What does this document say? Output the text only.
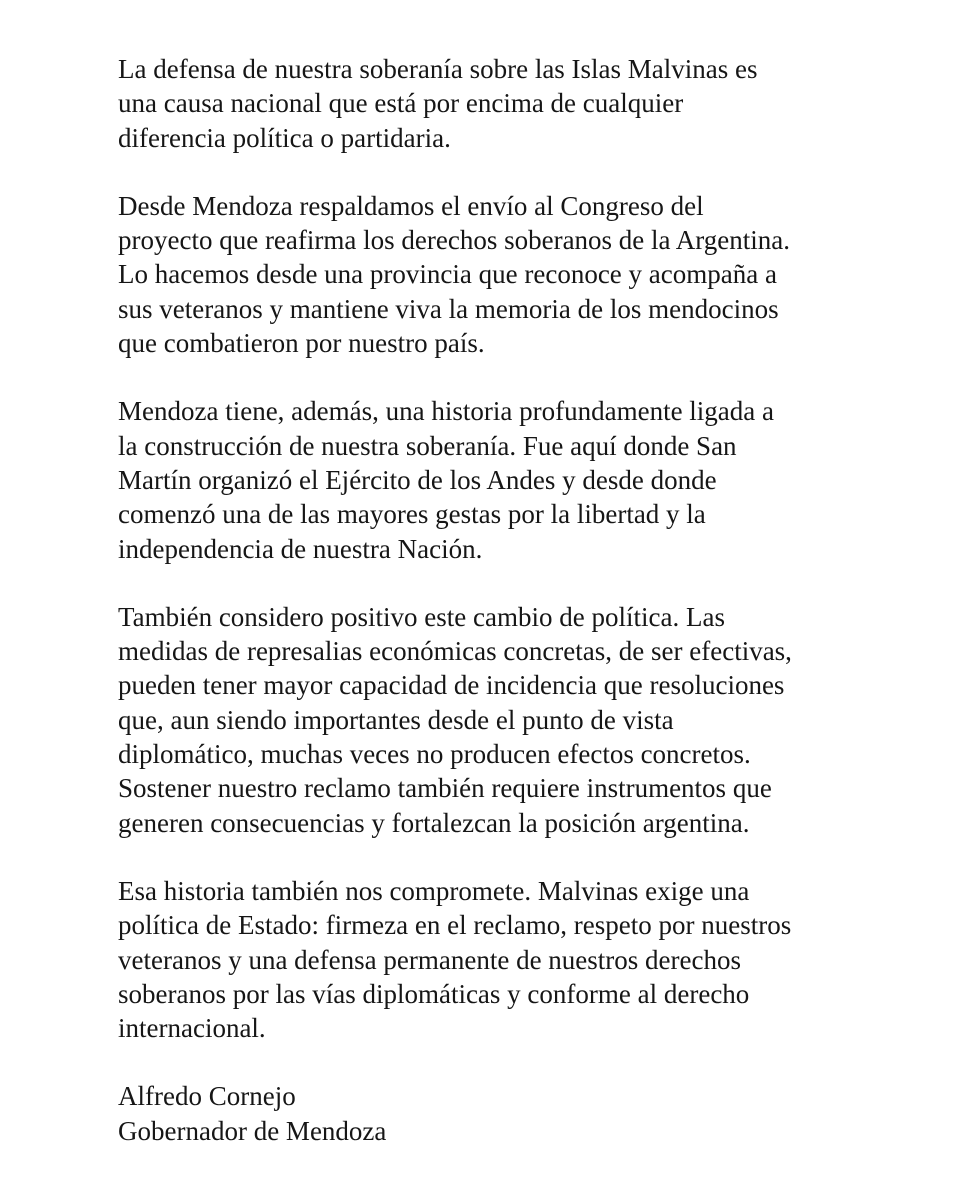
La defensa de nuestra soberanía sobre las Islas Malvinas es
una causa nacional que está por encima de cualquier
diferencia política o partidaria.

Desde Mendoza respaldamos el envío al Congreso del
proyecto que reafirma los derechos soberanos de la Argentina.
Lo hacemos desde una provincia que reconoce y acompaña a
sus veteranos y mantiene viva la memoria de los mendocinos
que combatieron por nuestro país.

Mendoza tiene, además, una historia profundamente ligada a
la construcción de nuestra soberanía. Fue aquí donde San
Martín organizó el Ejército de los Andes y desde donde
comenzó una de las mayores gestas por la libertad y la
independencia de nuestra Nación.

También considero positivo este cambio de política. Las
medidas de represalias económicas concretas, de ser efectivas,
pueden tener mayor capacidad de incidencia que resoluciones
que, aun siendo importantes desde el punto de vista
diplomático, muchas veces no producen efectos concretos.
Sostener nuestro reclamo también requiere instrumentos que
generen consecuencias y fortalezcan la posición argentina.

Esa historia también nos compromete. Malvinas exige una
política de Estado: firmeza en el reclamo, respeto por nuestros
veteranos y una defensa permanente de nuestros derechos
soberanos por las vías diplomáticas y conforme al derecho
internacional.

Alfredo Cornejo
Gobernador de Mendoza
